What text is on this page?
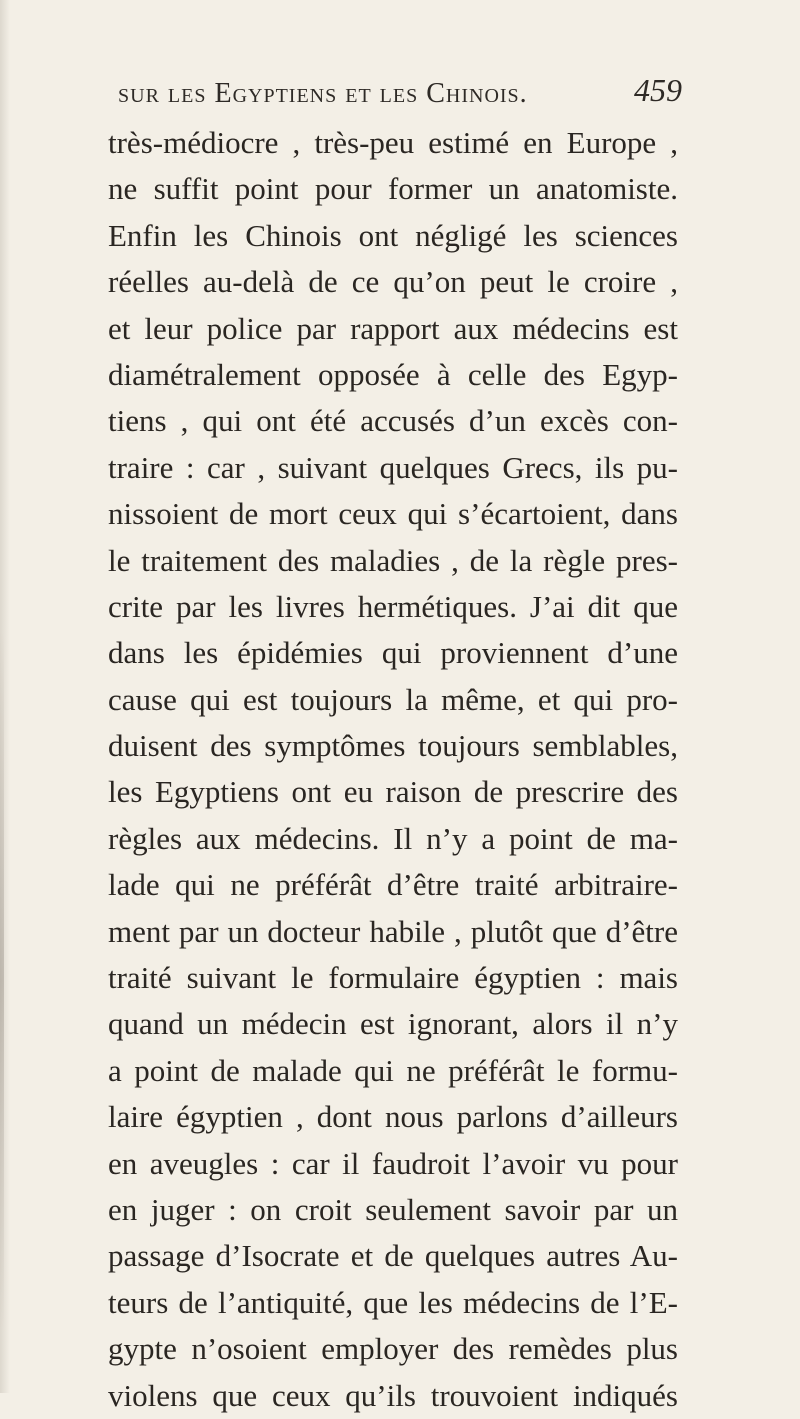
sur les Egyptiens et les Chinois.	459
très-médiocre , très-peu estimé en Europe ,
ne suffit point pour former un anatomiste.
Enfin les Chinois ont négligé les sciences
réelles au-delà de ce qu’on peut le croire ,
et leur police par rapport aux médecins est
diamétralement opposée à celle des Egyp-
tiens , qui ont été accusés d’un excès con-
traire : car , suivant quelques Grecs, ils pu-
nissoient de mort ceux qui s’écartoient, dans
le traitement des maladies , de la règle pres-
crite par les livres hermétiques. J’ai dit que
dans les épidémies qui proviennent d’une
cause qui est toujours la même, et qui pro-
duisent des symptômes toujours semblables,
les Egyptiens ont eu raison de prescrire des
règles aux médecins. Il n’y a point de ma-
lade qui ne préférât d’être traité arbitraire-
ment par un docteur habile , plutôt que d’être
traité suivant le formulaire égyptien : mais
quand un médecin est ignorant, alors il n’y
a point de malade qui ne préférât le formu-
laire égyptien , dont nous parlons d’ailleurs
en aveugles : car il faudroit l’avoir vu pour
en juger : on croit seulement savoir par un
passage d’Isocrate et de quelques autres Au-
teurs de l’antiquité, que les médecins de l’E-
gypte n’osoient employer des remèdes plus
violens que ceux qu’ils trouvoient indiqués
